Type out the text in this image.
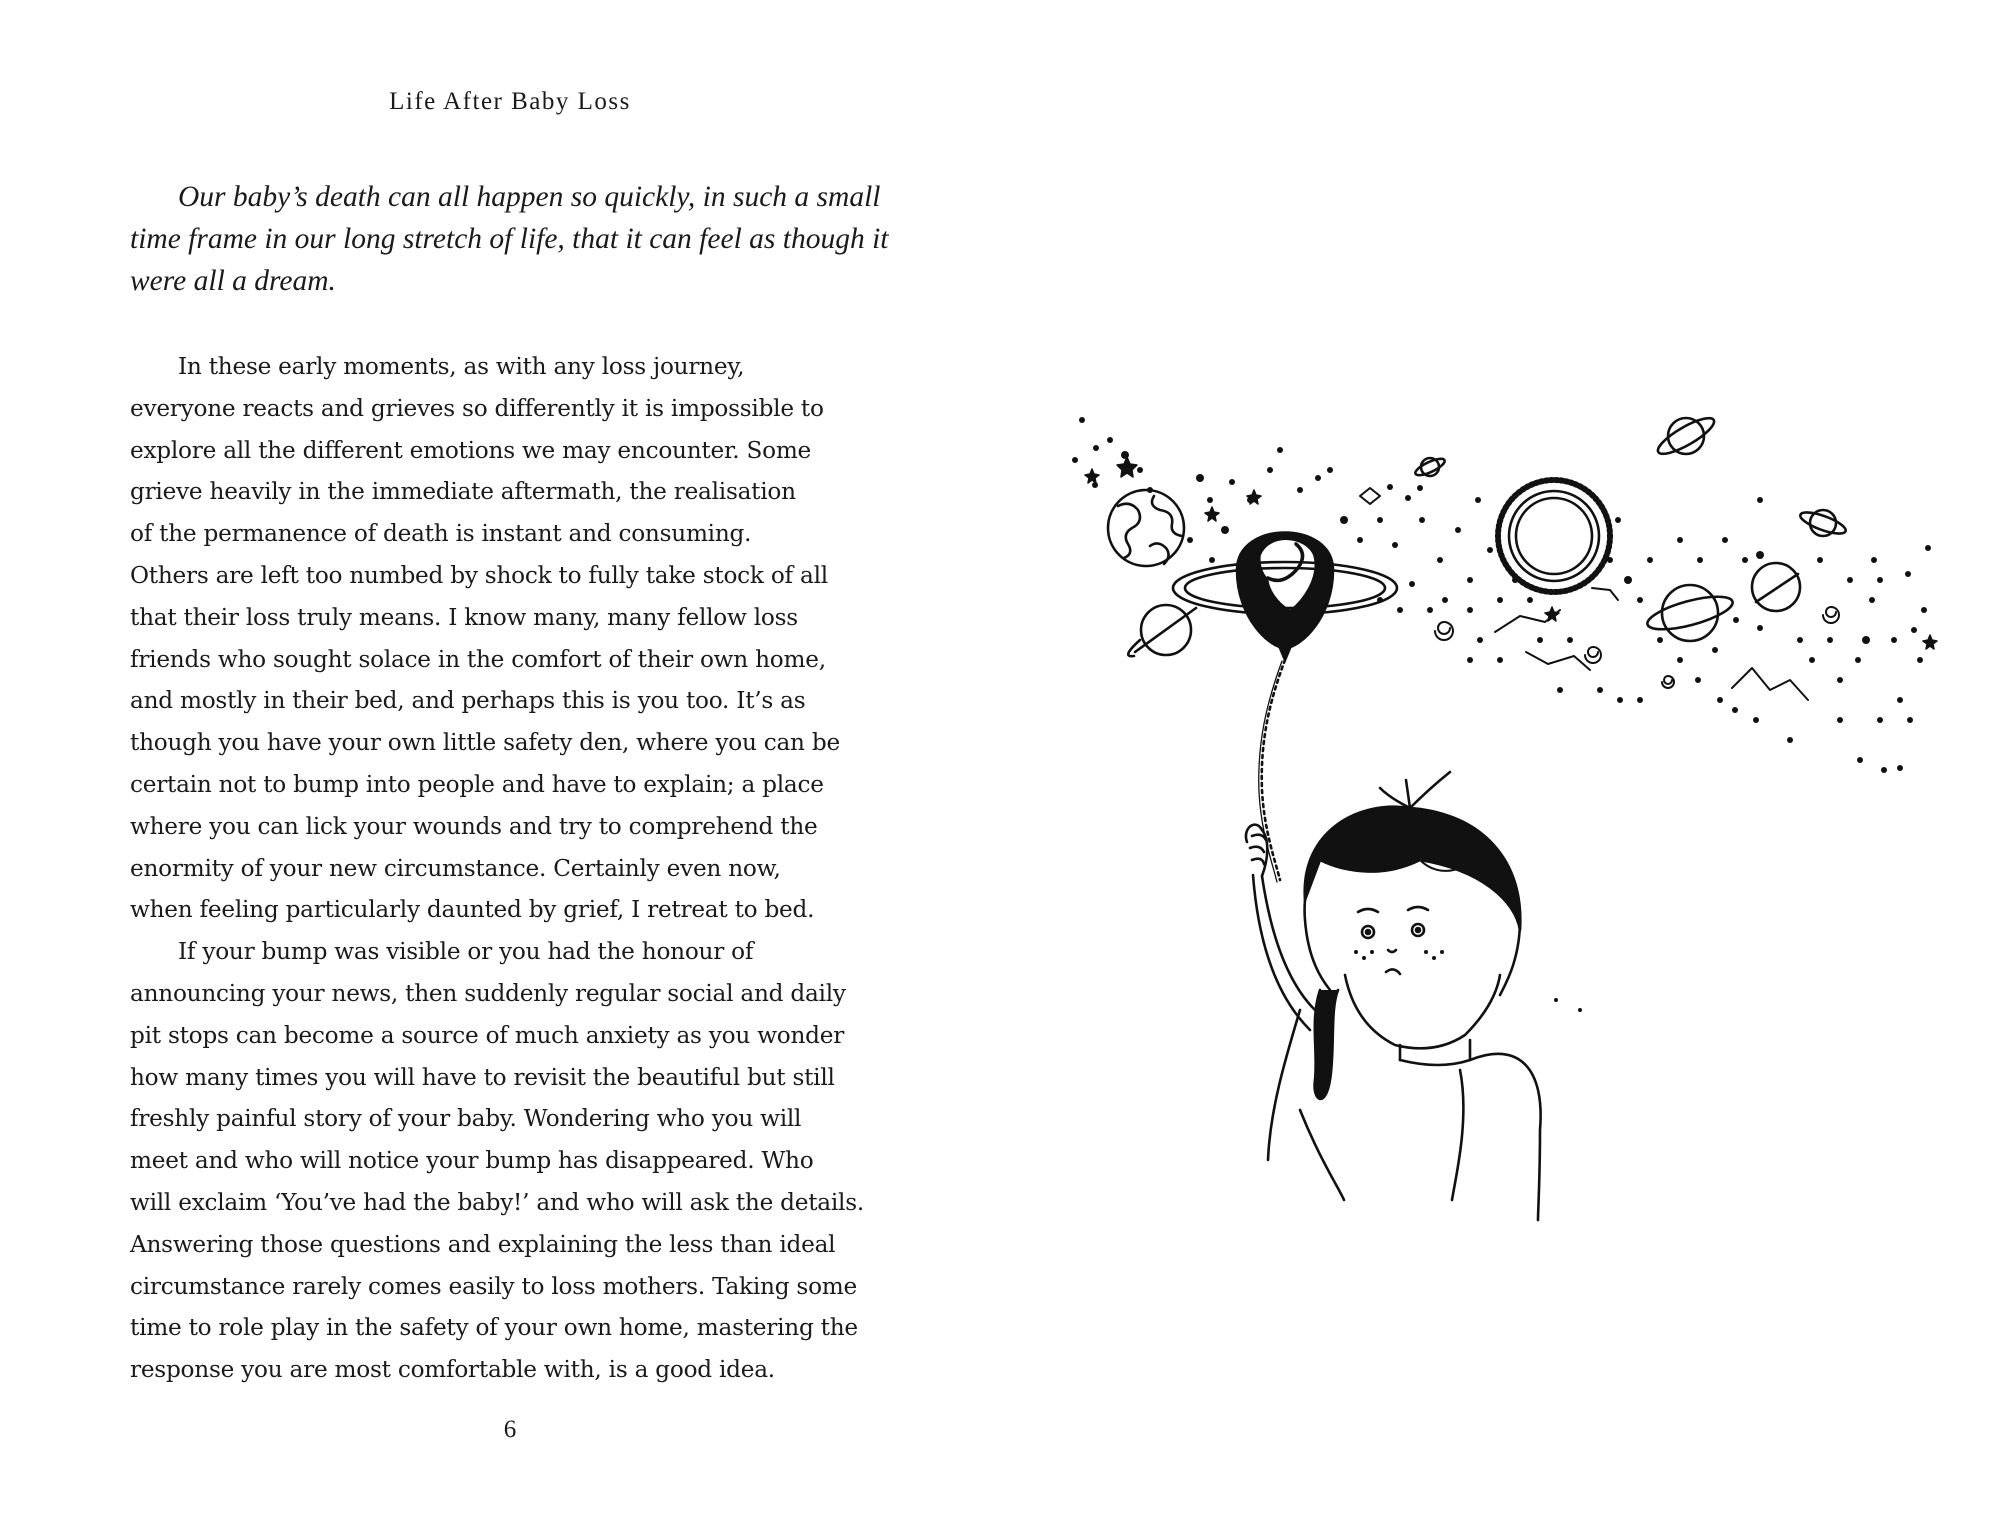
Life After Baby Loss

Our baby’s death can all happen so quickly, in such a small time frame in our long stretch of life, that it can feel as though it were all a dream.

In these early moments, as with any loss journey,
everyone reacts and grieves so differently it is impossible to
explore all the different emotions we may encounter. Some
grieve heavily in the immediate aftermath, the realisation
of the permanence of death is instant and consuming.
Others are left too numbed by shock to fully take stock of all
that their loss truly means. I know many, many fellow loss
friends who sought solace in the comfort of their own home,
and mostly in their bed, and perhaps this is you too. It’s as
though you have your own little safety den, where you can be
certain not to bump into people and have to explain; a place
where you can lick your wounds and try to comprehend the
enormity of your new circumstance. Certainly even now,
when feeling particularly daunted by grief, I retreat to bed.

If your bump was visible or you had the honour of
announcing your news, then suddenly regular social and daily
pit stops can become a source of much anxiety as you wonder
how many times you will have to revisit the beautiful but still
freshly painful story of your baby. Wondering who you will
meet and who will notice your bump has disappeared. Who
will exclaim ‘You’ve had the baby!’ and who will ask the details.
Answering those questions and explaining the less than ideal
circumstance rarely comes easily to loss mothers. Taking some
time to role play in the safety of your own home, mastering the
response you are most comfortable with, is a good idea.

6
